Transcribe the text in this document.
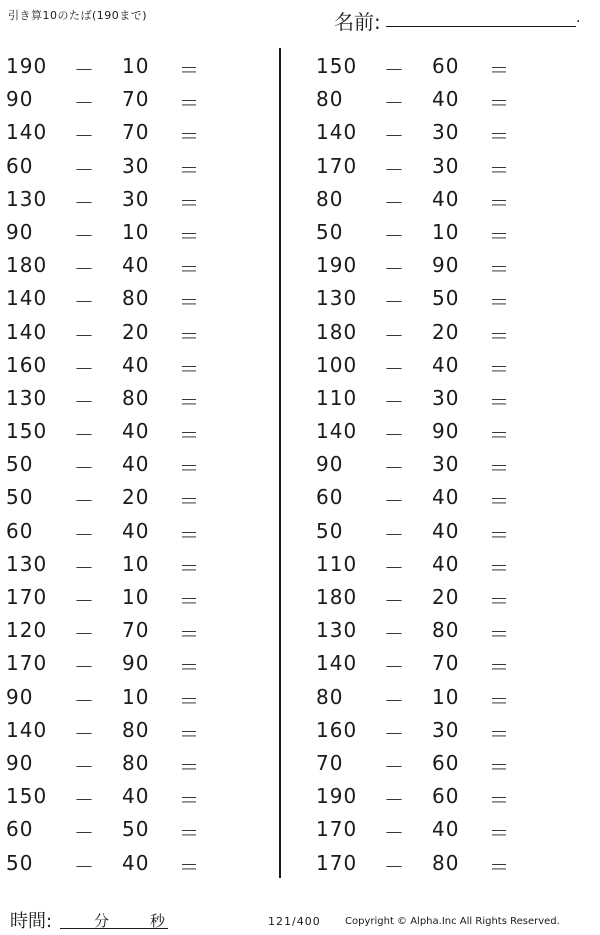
引き算10のたば(190まで)	名前:	.
190 － 10 ＝
90 － 70 ＝
140 － 70 ＝
60 － 30 ＝
130 － 30 ＝
90 － 10 ＝
180 － 40 ＝
140 － 80 ＝
140 － 20 ＝
160 － 40 ＝
130 － 80 ＝
150 － 40 ＝
50 － 40 ＝
50 － 20 ＝
60 － 40 ＝
130 － 10 ＝
170 － 10 ＝
120 － 70 ＝
170 － 90 ＝
90 － 10 ＝
140 － 80 ＝
90 － 80 ＝
150 － 40 ＝
60 － 50 ＝
50 － 40 ＝
150 － 60 ＝
80 － 40 ＝
140 － 30 ＝
170 － 30 ＝
80 － 40 ＝
50 － 10 ＝
190 － 90 ＝
130 － 50 ＝
180 － 20 ＝
100 － 40 ＝
110 － 30 ＝
140 － 90 ＝
90 － 30 ＝
60 － 40 ＝
50 － 40 ＝
110 － 40 ＝
180 － 20 ＝
130 － 80 ＝
140 － 70 ＝
80 － 10 ＝
160 － 30 ＝
70 － 60 ＝
190 － 60 ＝
170 － 40 ＝
170 － 80 ＝
時間:	分	秒	121/400 Copyright © Alpha.Inc All Rights Reserved.
